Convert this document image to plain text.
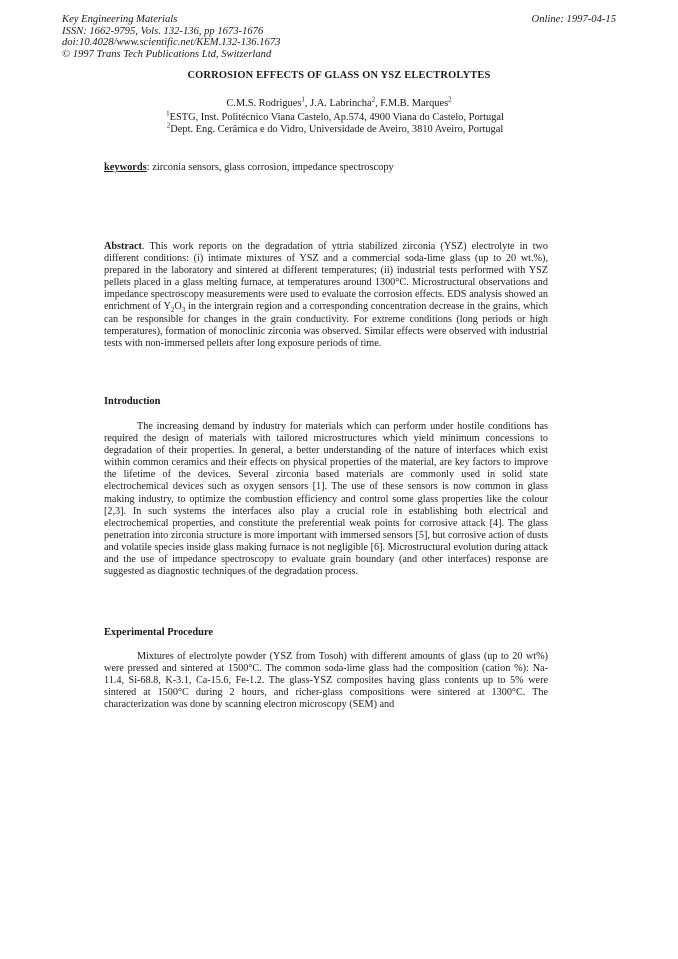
Key Engineering Materials
ISSN: 1662-9795, Vols. 132-136, pp 1673-1676
doi:10.4028/www.scientific.net/KEM.132-136.1673
© 1997 Trans Tech Publications Ltd, Switzerland
Online: 1997-04-15
CORROSION EFFECTS OF GLASS ON YSZ ELECTROLYTES
C.M.S. Rodrigues$^1$, J.A. Labrincha$^2$, F.M.B. Marques$^2$
$^1$ESTG, Inst. Politécnico Viana Castelo, Ap.574, 4900 Viana do Castelo, Portugal
$^2$Dept. Eng. Cerâmica e do Vidro, Universidade de Aveiro, 3810 Aveiro, Portugal
keywords: zirconia sensors, glass corrosion, impedance spectroscopy
Abstract. This work reports on the degradation of yttria stabilized zirconia (YSZ) electrolyte in two different conditions: (i) intimate mixtures of YSZ and a commercial soda-lime glass (up to 20 wt.%), prepared in the laboratory and sintered at different temperatures; (ii) industrial tests performed with YSZ pellets placed in a glass melting furnace, at temperatures around 1300°C. Microstructural observations and impedance spectroscopy measurements were used to evaluate the corrosion effects. EDS analysis showed an enrichment of $Y_2O_3$ in the intergrain region and a corresponding concentration decrease in the grains, which can be responsible for changes in the grain conductivity. For extreme conditions (long periods or high temperatures), formation of monoclinic zirconia was observed. Similar effects were observed with industrial tests with non-immersed pellets after long exposure periods of time.
Introduction
The increasing demand by industry for materials which can perform under hostile conditions has required the design of materials with tailored microstructures which yield minimum concessions to degradation of their properties. In general, a better understanding of the nature of interfaces which exist within common ceramics and their effects on physical properties of the material, are key factors to improve the lifetime of the devices. Several zirconia based materials are commonly used in solid state electrochemical devices such as oxygen sensors [1]. The use of these sensors is now common in glass making industry, to optimize the combustion efficiency and control some glass properties like the colour [2,3]. In such systems the interfaces also play a crucial role in establishing both electrical and electrochemical properties, and constitute the preferential weak points for corrosive attack [4]. The glass penetration into zirconia structure is more important with immersed sensors [5], but corrosive action of dusts and volatile species inside glass making furnace is not negligible [6]. Microstructural evolution during attack and the use of impedance spectroscopy to evaluate grain boundary (and other interfaces) response are suggested as diagnostic techniques of the degradation process.
Experimental Procedure
Mixtures of electrolyte powder (YSZ from Tosoh) with different amounts of glass (up to 20 wt%) were pressed and sintered at 1500°C. The common soda-lime glass had the composition (cation %): Na-11.4, Si-68.8, K-3.1, Ca-15.6, Fe-1.2. The glass-YSZ composites having glass contents up to 5% were sintered at 1500°C during 2 hours, and richer-glass compositions were sintered at 1300°C. The characterization was done by scanning electron microscopy (SEM) and
